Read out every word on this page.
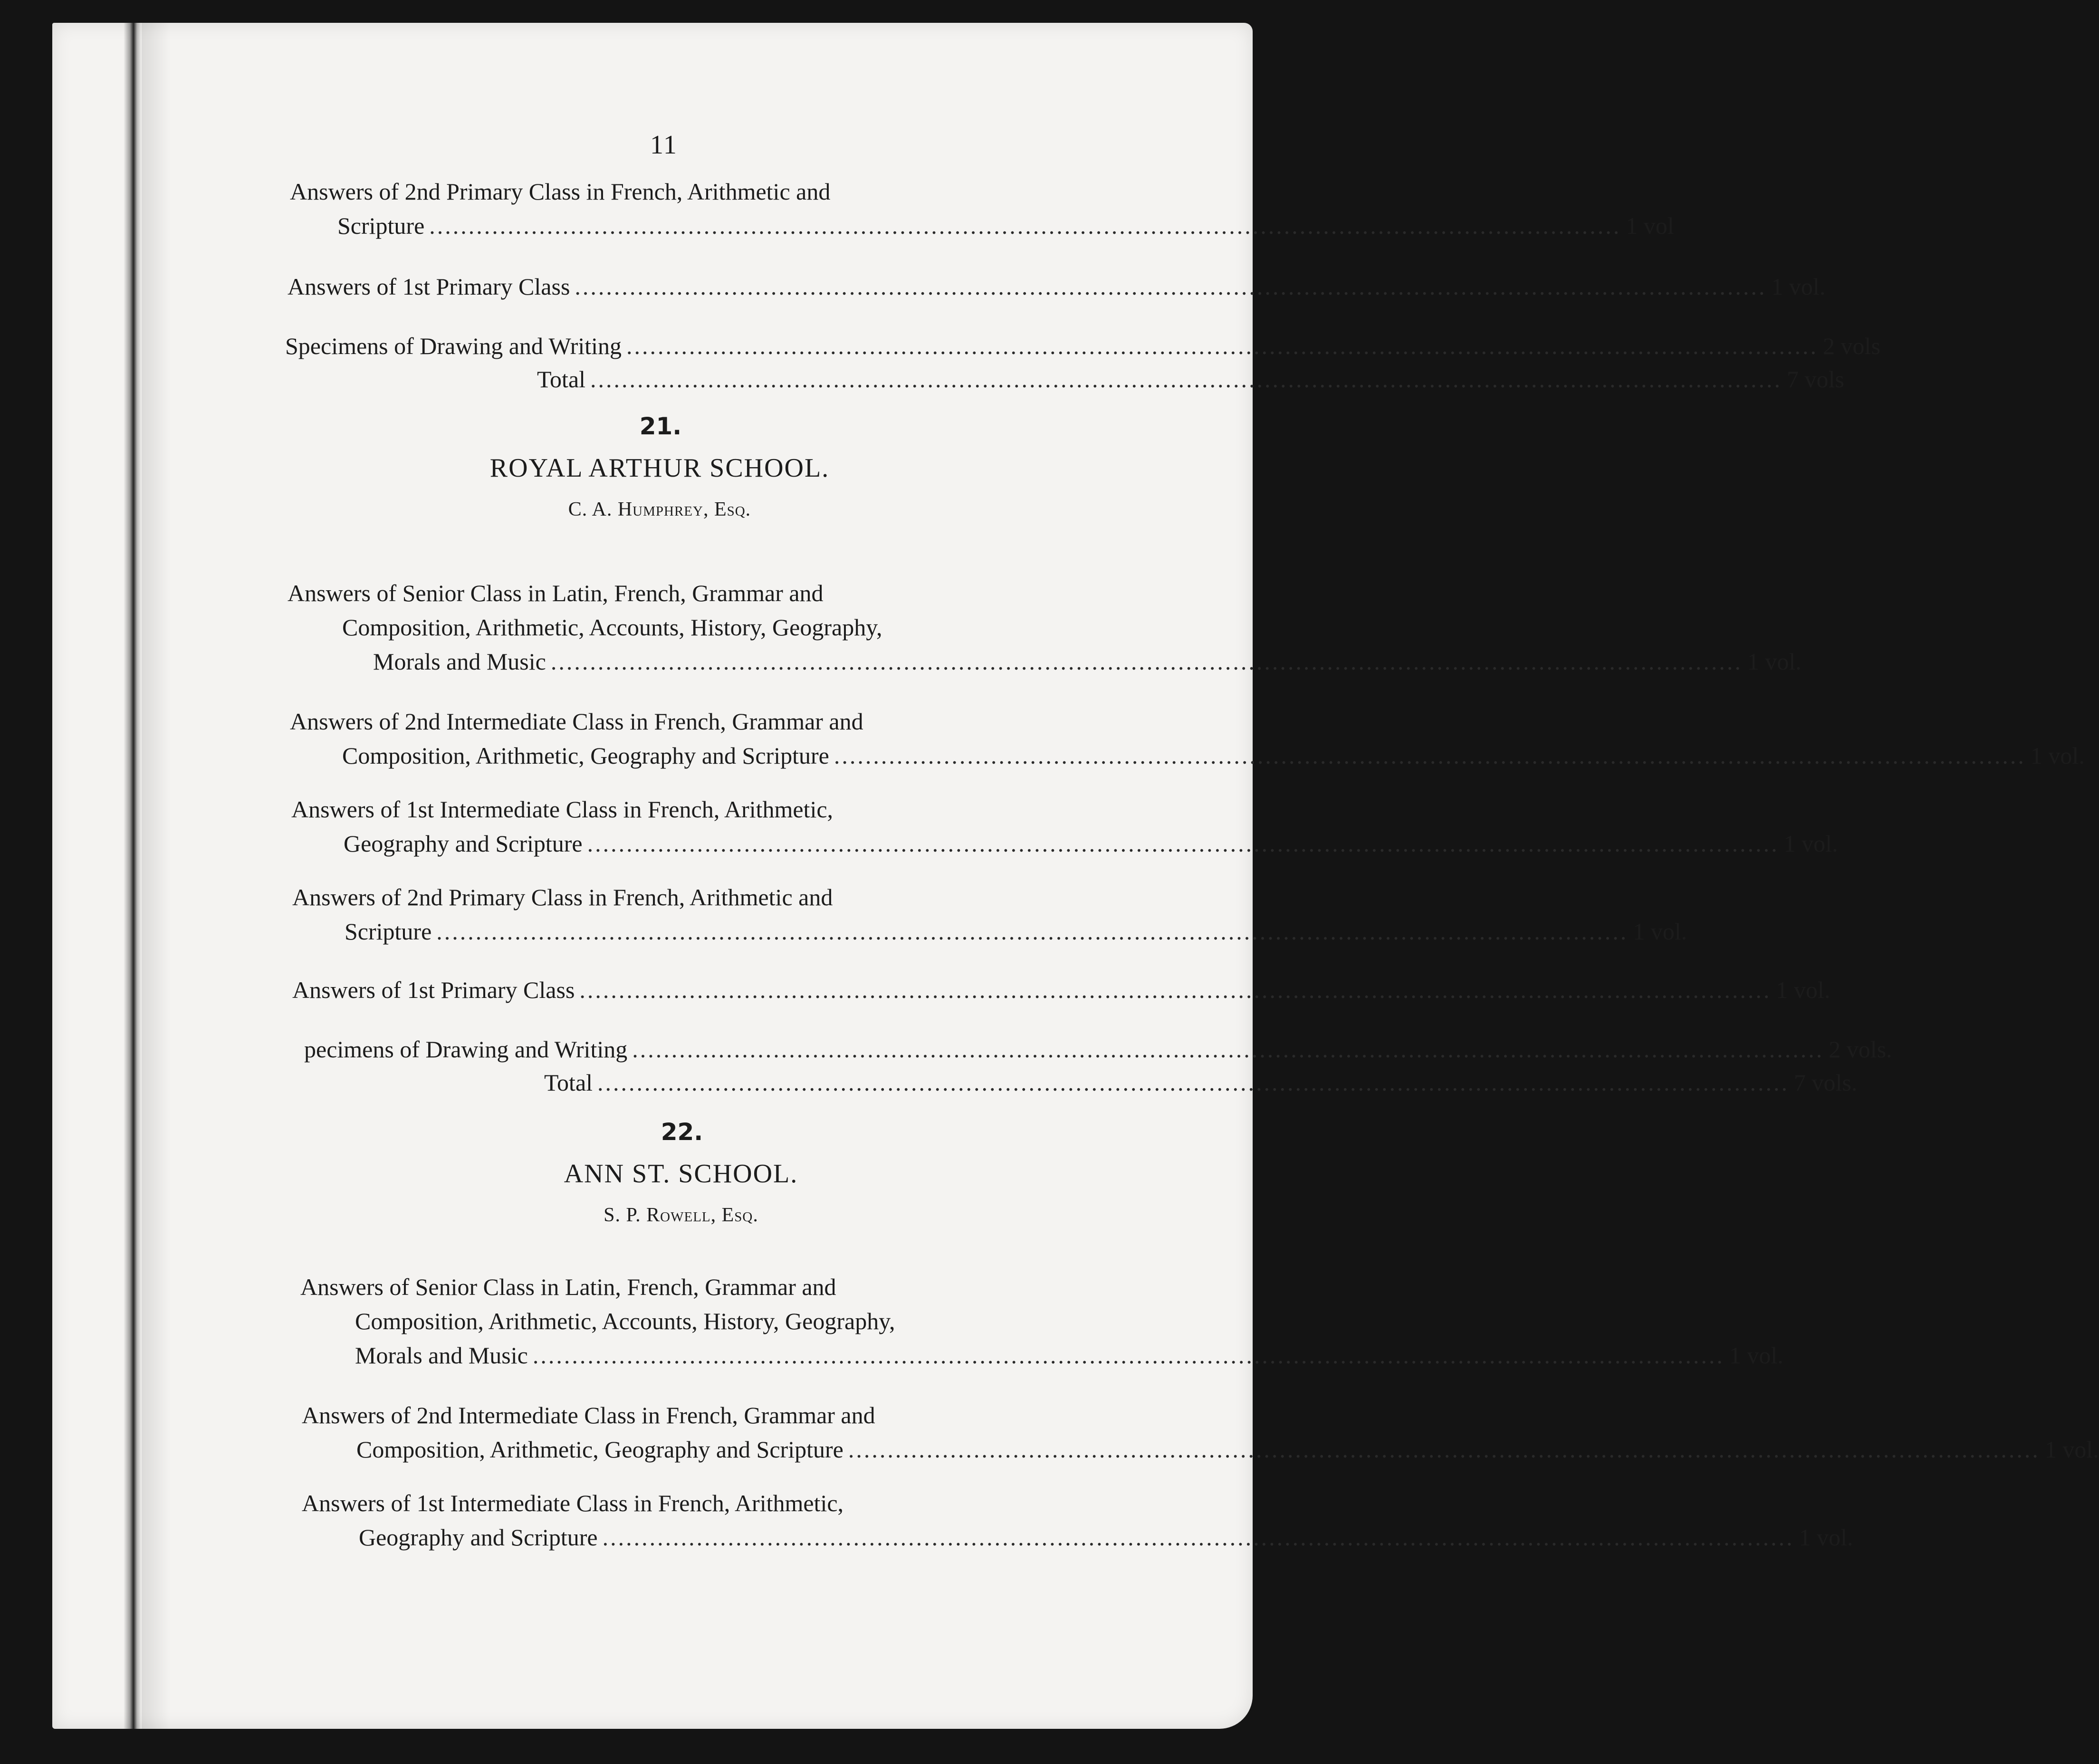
11
Answers of 2nd Primary Class in French, Arithmetic and
Scripture ........................................................................................................................................................ 1 vol
Answers of 1st Primary Class ........................................................................................................................................................ 1 vol.
Specimens of Drawing and Writing ........................................................................................................................................................ 2 vols
Total ........................................................................................................................................................ 7 vols
21.
ROYAL ARTHUR SCHOOL.
C. A. Humphrey, Esq.
Answers of Senior Class in Latin, French, Grammar and
Composition, Arithmetic, Accounts, History, Geography,
Morals and Music ........................................................................................................................................................ 1 vol.
Answers of 2nd Intermediate Class in French, Grammar and
Composition, Arithmetic, Geography and Scripture ........................................................................................................................................................ 1 vol.
Answers of 1st Intermediate Class in French, Arithmetic,
Geography and Scripture ........................................................................................................................................................ 1 vol.
Answers of 2nd Primary Class in French, Arithmetic and
Scripture ........................................................................................................................................................ 1 vol.
Answers of 1st Primary Class ........................................................................................................................................................ 1 vol.
pecimens of Drawing and Writing ........................................................................................................................................................ 2 vols.
Total ........................................................................................................................................................ 7 vols.
22.
ANN ST. SCHOOL.
S. P. Rowell, Esq.
Answers of Senior Class in Latin, French, Grammar and
Composition, Arithmetic, Accounts, History, Geography,
Morals and Music ........................................................................................................................................................ 1 vol.
Answers of 2nd Intermediate Class in French, Grammar and
Composition, Arithmetic, Geography and Scripture ........................................................................................................................................................ 1 vol.
Answers of 1st Intermediate Class in French, Arithmetic,
Geography and Scripture ........................................................................................................................................................ 1 vol.
